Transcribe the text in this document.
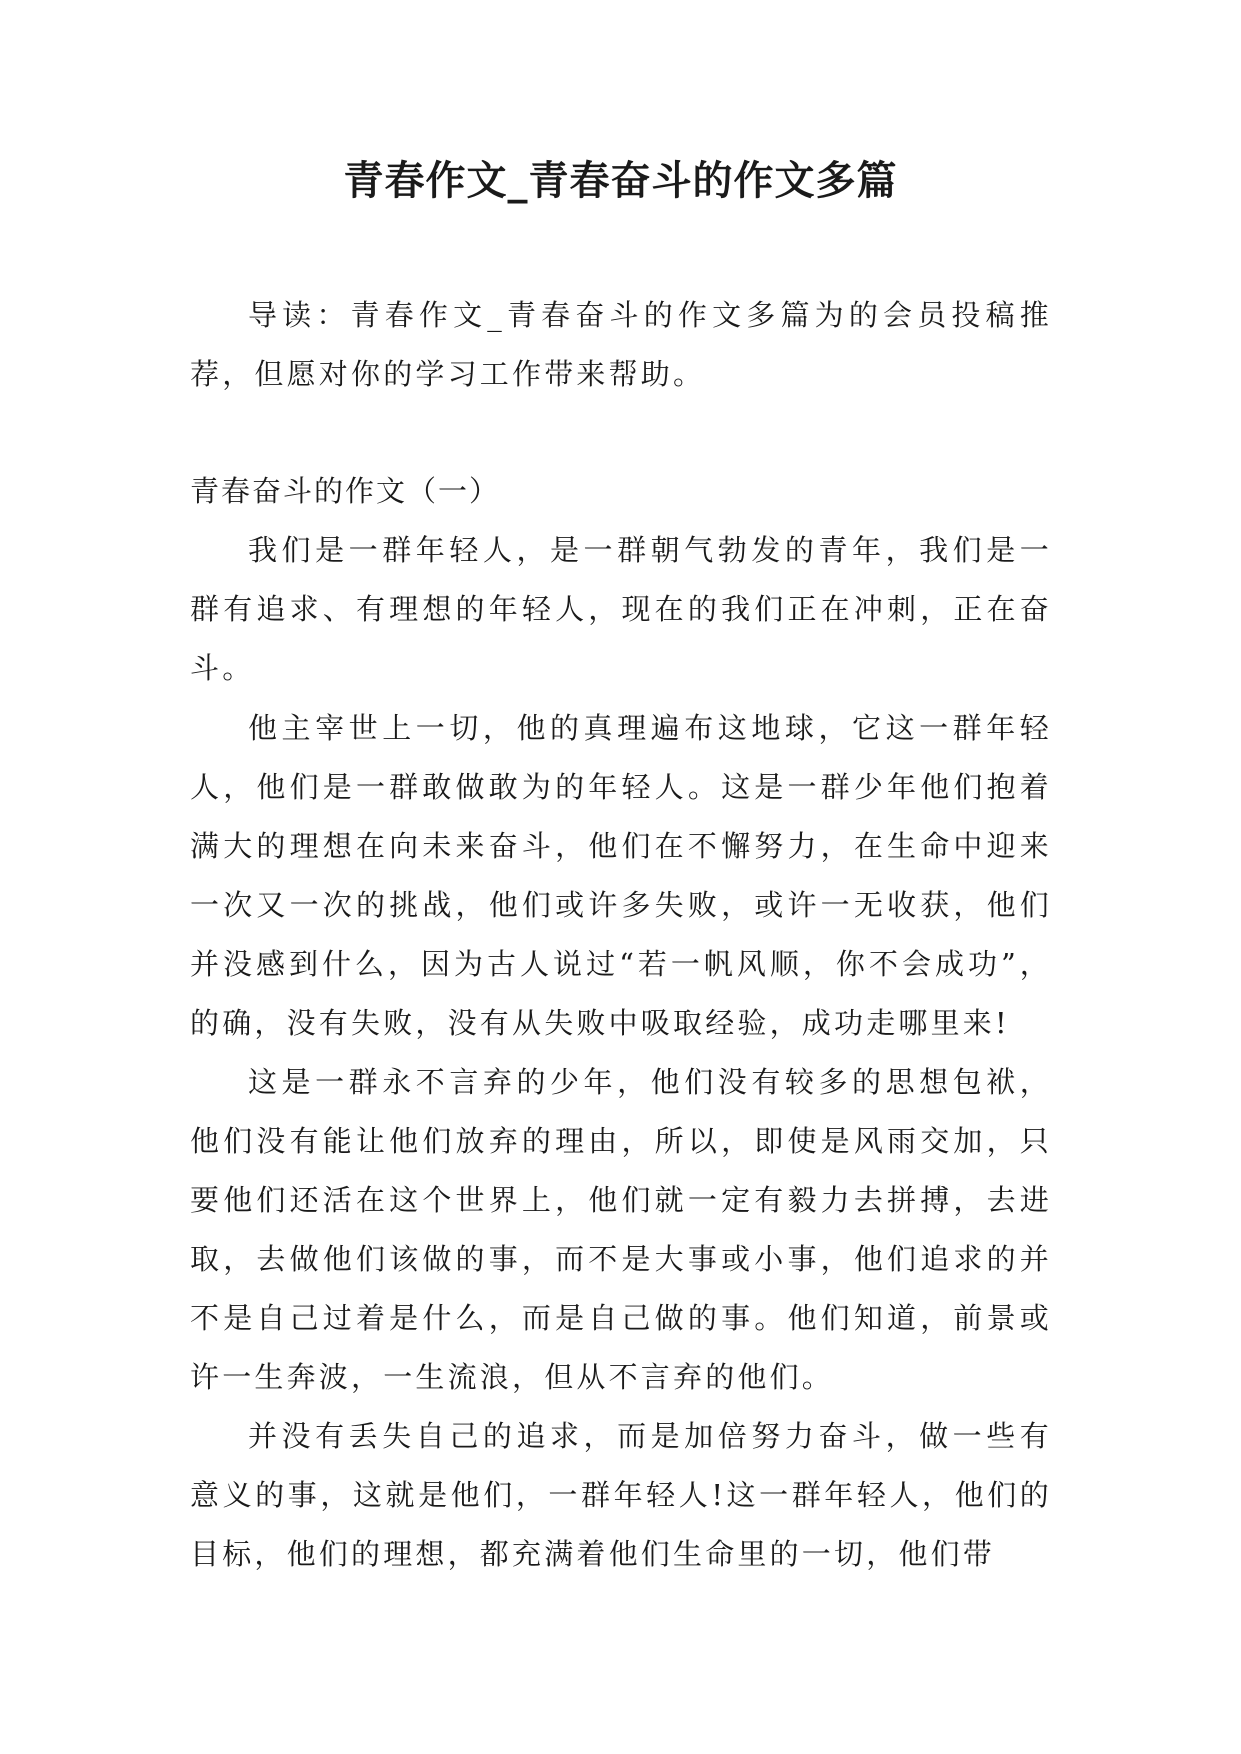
青春作文_青春奋斗的作文多篇

导读：青春作文_青春奋斗的作文多篇为的会员投稿推荐，但愿对你的学习工作带来帮助。

青春奋斗的作文（一）

我们是一群年轻人，是一群朝气勃发的青年，我们是一群有追求、有理想的年轻人，现在的我们正在冲刺，正在奋斗。

他主宰世上一切，他的真理遍布这地球，它这一群年轻人，他们是一群敢做敢为的年轻人。这是一群少年他们抱着满大的理想在向未来奋斗，他们在不懈努力，在生命中迎来一次又一次的挑战，他们或许多失败，或许一无收获，他们并没感到什么，因为古人说过“若一帆风顺，你不会成功”，的确，没有失败，没有从失败中吸取经验，成功走哪里来!

这是一群永不言弃的少年，他们没有较多的思想包袱，他们没有能让他们放弃的理由，所以，即使是风雨交加，只要他们还活在这个世界上，他们就一定有毅力去拼搏，去进取，去做他们该做的事，而不是大事或小事，他们追求的并不是自己过着是什么，而是自己做的事。他们知道，前景或许一生奔波，一生流浪，但从不言弃的他们。

并没有丢失自己的追求，而是加倍努力奋斗，做一些有意义的事，这就是他们，一群年轻人!这一群年轻人，他们的目标，他们的理想，都充满着他们生命里的一切，他们带
